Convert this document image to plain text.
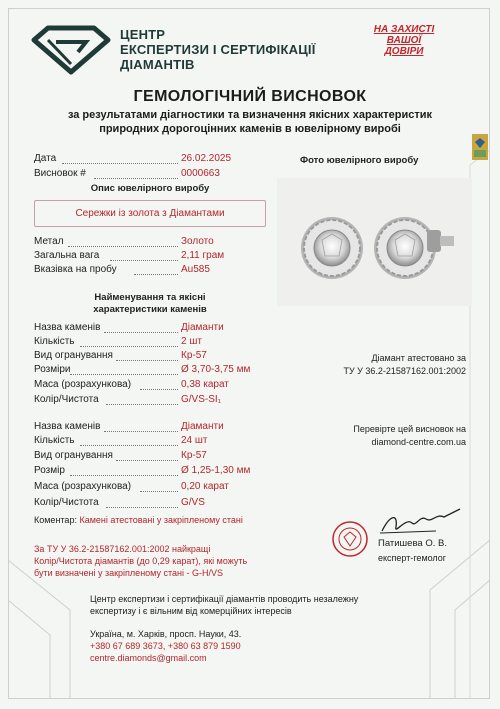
ЦЕНТР
ЕКСПЕРТИЗИ І СЕРТИФІКАЦІЇ
ДІАМАНТІВ
НА ЗАХИСТІ
ВАШОЇ
ДОВІРИ
ГЕМОЛОГІЧНИЙ ВИСНОВОК
за результатами діагностики та визначення якісних характеристик
природних дорогоцінних каменів в ювелірному виробі
Дата	26.02.2025
Висновок #	0000663
Опис ювелірного виробу
Сережки із золота з Діамантами
Метал	Золото
Загальна вага	2,11 грам
Вказівка на пробу	Au585
Найменування та якісні
характеристики каменів
Назва каменів	Діаманти
Кількість	2 шт
Вид огранування	Кр-57
Розміри	Ø 3,70-3,75 мм
Маса (розрахункова)	0,38 карат
Колір/Чистота	G/VS-SI₁
Назва каменів	Діаманти
Кількість	24 шт
Вид огранування	Кр-57
Розмір	Ø 1,25-1,30 мм
Маса (розрахункова)	0,20 карат
Колір/Чистота	G/VS
Коментар: Камені атестовані у закріпленому стані
Фото ювелірного виробу
Діамант атестовано за
ТУ У 36.2-21587162.001:2002
Перевірте цей висновок на
diamond-centre.com.ua
Патишева О. В.
експерт-гемолог
За ТУ У 36.2-21587162.001:2002 найкращі
Колір/Чистота діамантів (до 0,29 карат), які можуть
бути визначені у закріпленому стані - G-H/VS
Центр експертизи і сертифікації діамантів проводить незалежну
експертизу і є вільним від комерційних інтересів
Україна, м. Харків, просп. Науки, 43.
+380 67 689 3673, +380 63 879 1590
centre.diamonds@gmail.com
